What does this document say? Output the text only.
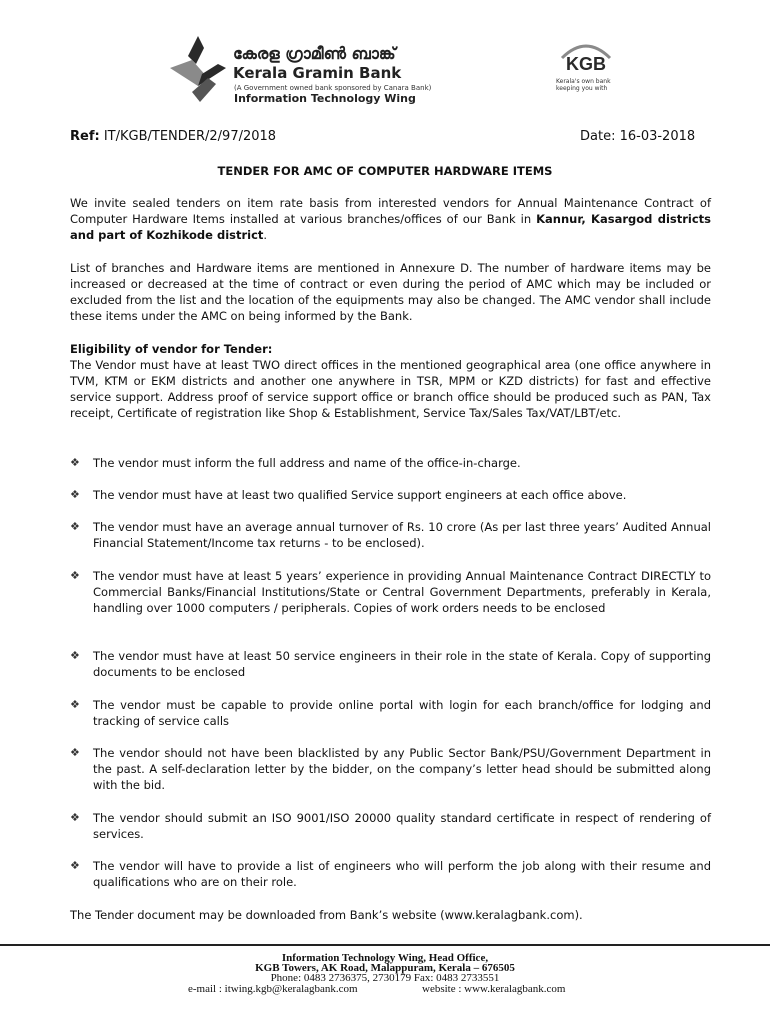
കേരള ഗ്രാമീൺ ബാങ്ക്
Kerala Gramin Bank
(A Government owned bank sponsored by Canara Bank)
Information Technology Wing
KGB
Kerala's own bank
keeping you with
Ref: IT/KGB/TENDER/2/97/2018	Date: 16-03-2018
TENDER FOR AMC OF COMPUTER HARDWARE ITEMS
We invite sealed tenders on item rate basis from interested vendors for Annual Maintenance Contract of Computer Hardware Items installed at various branches/offices of our Bank in Kannur, Kasargod districts and part of Kozhikode district.
List of branches and Hardware items are mentioned in Annexure D. The number of hardware items may be increased or decreased at the time of contract or even during the period of AMC which may be included or excluded from the list and the location of the equipments may also be changed. The AMC vendor shall include these items under the AMC on being informed by the Bank.
Eligibility of vendor for Tender:
The Vendor must have at least TWO direct offices in the mentioned geographical area (one office anywhere in TVM, KTM or EKM districts and another one anywhere in TSR, MPM or KZD districts) for fast and effective service support. Address proof of service support office or branch office should be produced such as PAN, Tax receipt, Certificate of registration like Shop & Establishment, Service Tax/Sales Tax/VAT/LBT/etc.
❖	The vendor must inform the full address and name of the office-in-charge.
❖	The vendor must have at least two qualified Service support engineers at each office above.
❖	The vendor must have an average annual turnover of Rs. 10 crore (As per last three years’ Audited Annual Financial Statement/Income tax returns - to be enclosed).
❖	The vendor must have at least 5 years’ experience in providing Annual Maintenance Contract DIRECTLY to Commercial Banks/Financial Institutions/State or Central Government Departments, preferably in Kerala, handling over 1000 computers / peripherals. Copies of work orders needs to be enclosed
❖	The vendor must have at least 50 service engineers in their role in the state of Kerala. Copy of supporting documents to be enclosed
❖	The vendor must be capable to provide online portal with login for each branch/office for lodging and tracking of service calls
❖	The vendor should not have been blacklisted by any Public Sector Bank/PSU/Government Department in the past. A self-declaration letter by the bidder, on the company’s letter head should be submitted along with the bid.
❖	The vendor should submit an ISO 9001/ISO 20000 quality standard certificate in respect of rendering of services.
❖	The vendor will have to provide a list of engineers who will perform the job along with their resume and qualifications who are on their role.
The Tender document may be downloaded from Bank’s website (www.keralagbank.com).
Information Technology Wing, Head Office,
KGB Towers, AK Road, Malappuram, Kerala – 676505
Phone: 0483 2736375, 2730179 Fax: 0483 2733551
e-mail : itwing.kgb@keralagbank.com	website : www.keralagbank.com
